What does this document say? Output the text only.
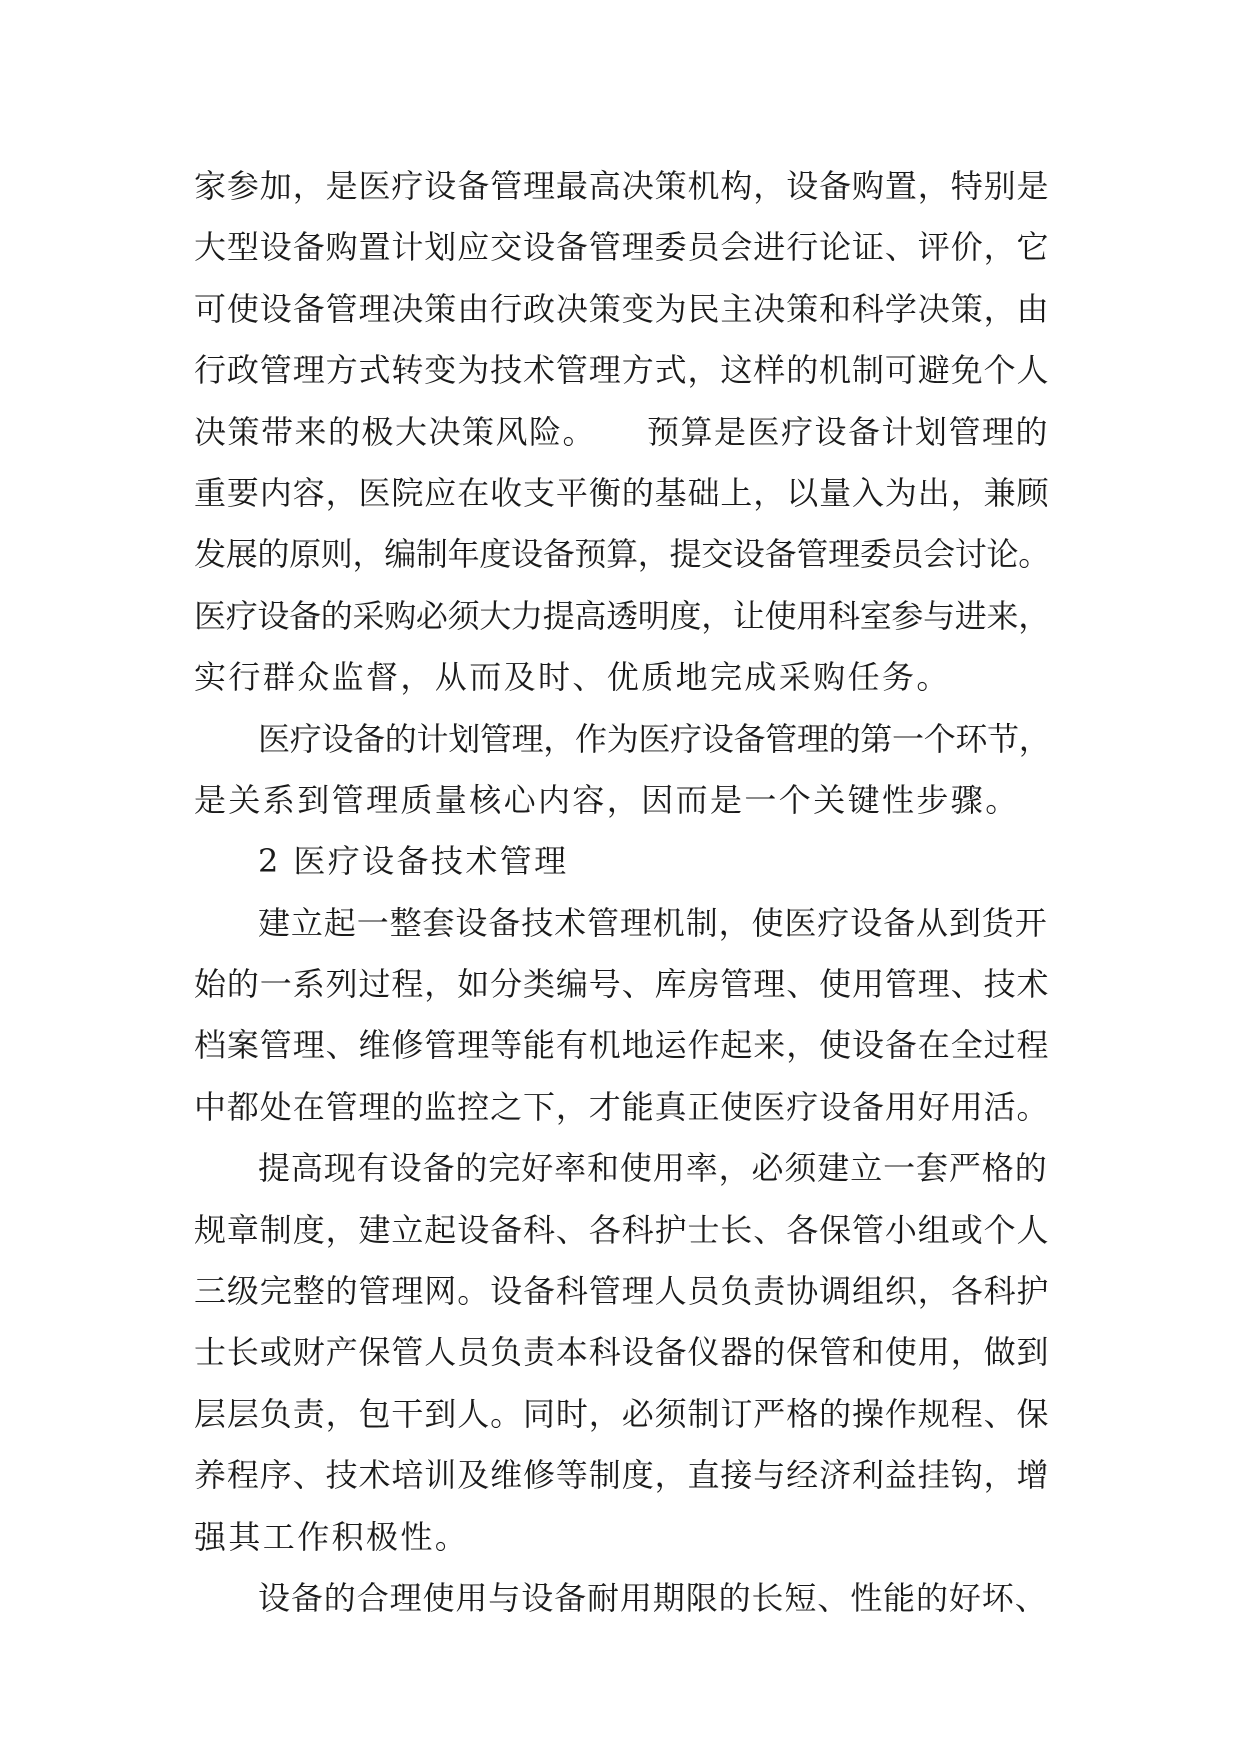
家参加，是医疗设备管理最高决策机构，设备购置，特别是
大型设备购置计划应交设备管理委员会进行论证、评价，它
可使设备管理决策由行政决策变为民主决策和科学决策，由
行政管理方式转变为技术管理方式，这样的机制可避免个人
决策带来的极大决策风险。　　预算是医疗设备计划管理的
重要内容，医院应在收支平衡的基础上，以量入为出，兼顾
发展的原则，编制年度设备预算，提交设备管理委员会讨论。
医疗设备的采购必须大力提高透明度，让使用科室参与进来，
实行群众监督，从而及时、优质地完成采购任务。
医疗设备的计划管理，作为医疗设备管理的第一个环节，
是关系到管理质量核心内容，因而是一个关键性步骤。
2 医疗设备技术管理
建立起一整套设备技术管理机制，使医疗设备从到货开
始的一系列过程，如分类编号、库房管理、使用管理、技术
档案管理、维修管理等能有机地运作起来，使设备在全过程
中都处在管理的监控之下，才能真正使医疗设备用好用活。
提高现有设备的完好率和使用率，必须建立一套严格的
规章制度，建立起设备科、各科护士长、各保管小组或个人
三级完整的管理网。设备科管理人员负责协调组织，各科护
士长或财产保管人员负责本科设备仪器的保管和使用，做到
层层负责，包干到人。同时，必须制订严格的操作规程、保
养程序、技术培训及维修等制度，直接与经济利益挂钩，增
强其工作积极性。
设备的合理使用与设备耐用期限的长短、性能的好坏、
